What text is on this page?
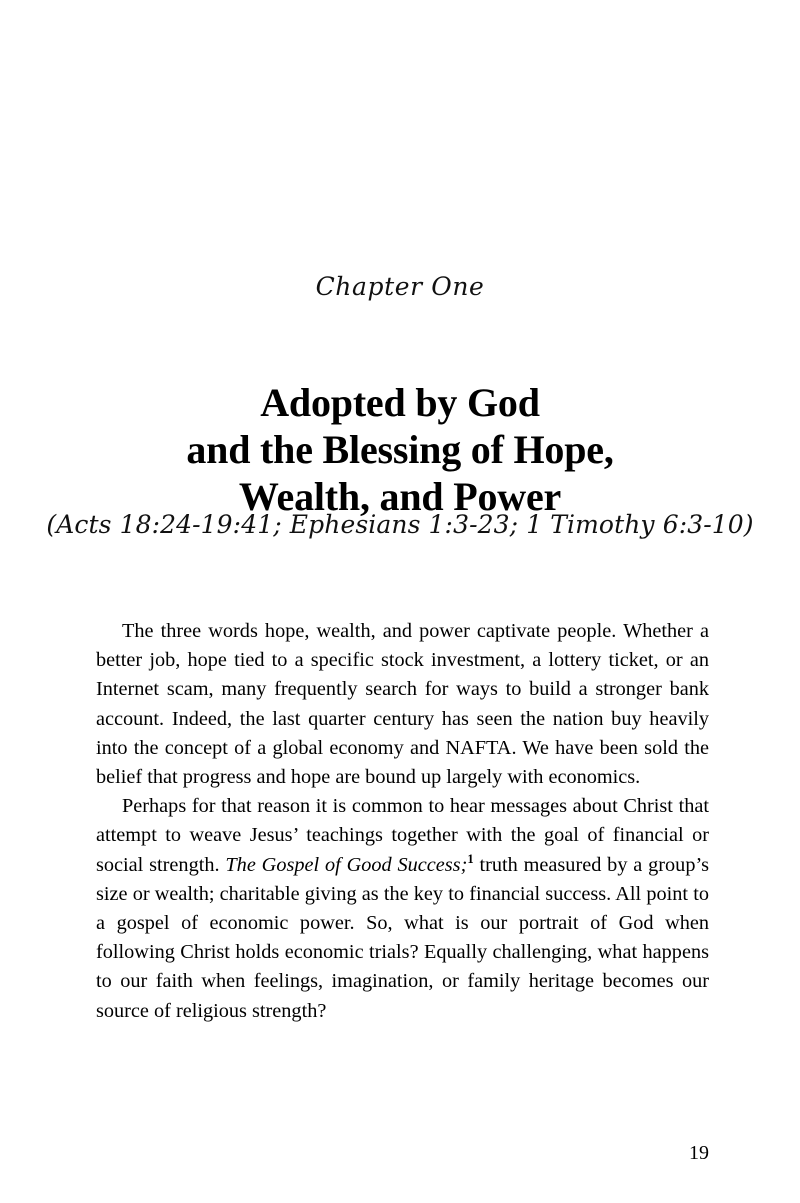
Chapter One
Adopted by God
and the Blessing of Hope,
Wealth, and Power
(Acts 18:24-19:41; Ephesians 1:3-23; 1 Timothy 6:3-10)

The three words hope, wealth, and power captivate people. Whether a better job, hope tied to a specific stock investment, a lottery ticket, or an Internet scam, many frequently search for ways to build a stronger bank account. Indeed, the last quarter century has seen the nation buy heavily into the concept of a global economy and NAFTA. We have been sold the belief that progress and hope are bound up largely with economics.

Perhaps for that reason it is common to hear messages about Christ that attempt to weave Jesus’ teachings together with the goal of financial or social strength. The Gospel of Good Success;$^1$ truth measured by a group’s size or wealth; charitable giving as the key to financial success. All point to a gospel of economic power. So, what is our portrait of God when following Christ holds economic trials? Equally challenging, what happens to our faith when feelings, imagination, or family heritage becomes our source of religious strength?

19
